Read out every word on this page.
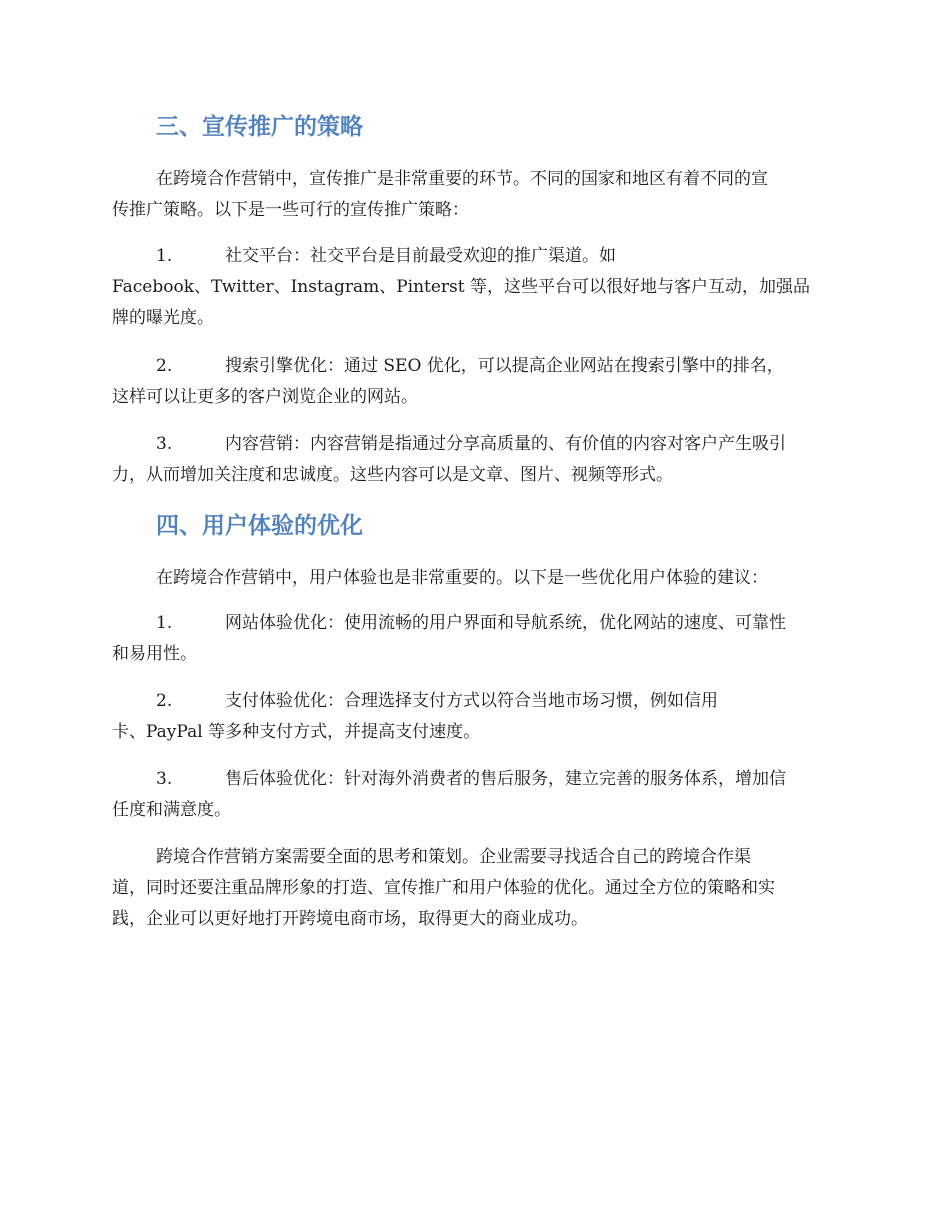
三、宣传推广的策略

在跨境合作营销中，宣传推广是非常重要的环节。不同的国家和地区有着不同的宣
传推广策略。以下是一些可行的宣传推广策略：

1.	社交平台：社交平台是目前最受欢迎的推广渠道。如
Facebook、Twitter、Instagram、Pinterst 等，这些平台可以很好地与客户互动，加强品
牌的曝光度。

2.	搜索引擎优化：通过 SEO 优化，可以提高企业网站在搜索引擎中的排名，
这样可以让更多的客户浏览企业的网站。

3.	内容营销：内容营销是指通过分享高质量的、有价值的内容对客户产生吸引
力，从而增加关注度和忠诚度。这些内容可以是文章、图片、视频等形式。

四、用户体验的优化

在跨境合作营销中，用户体验也是非常重要的。以下是一些优化用户体验的建议：

1.	网站体验优化：使用流畅的用户界面和导航系统，优化网站的速度、可靠性
和易用性。

2.	支付体验优化：合理选择支付方式以符合当地市场习惯，例如信用
卡、PayPal 等多种支付方式，并提高支付速度。

3.	售后体验优化：针对海外消费者的售后服务，建立完善的服务体系，增加信
任度和满意度。

跨境合作营销方案需要全面的思考和策划。企业需要寻找适合自己的跨境合作渠
道，同时还要注重品牌形象的打造、宣传推广和用户体验的优化。通过全方位的策略和实
践，企业可以更好地打开跨境电商市场，取得更大的商业成功。
